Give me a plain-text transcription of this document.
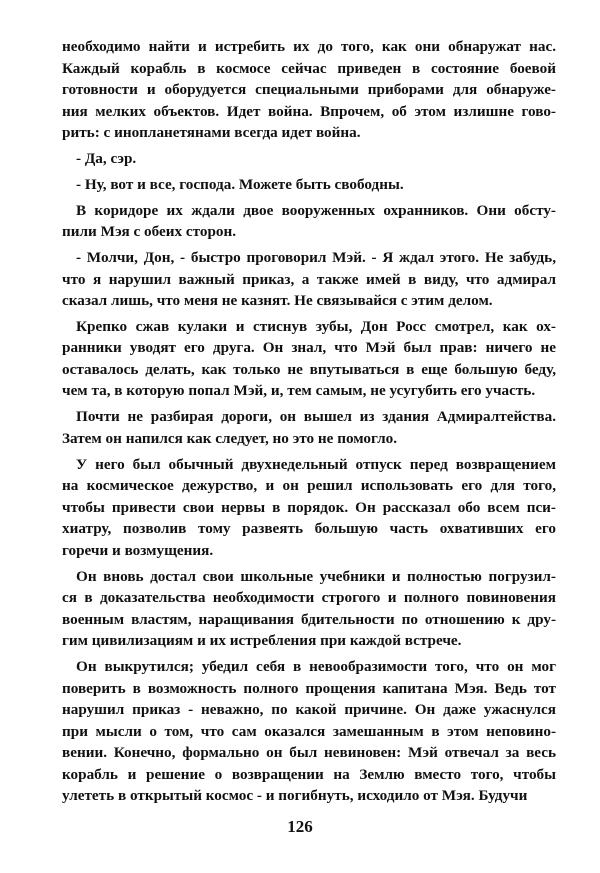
необходимо найти и истребить их до того, как они обнаружат нас.
Каждый корабль в космосе сейчас приведен в состояние боевой
готовности и оборудуется специальными приборами для обнаруже-
ния мелких объектов. Идет война. Впрочем, об этом излишне гово-
рить: с инопланетянами всегда идет война.
- Да, сэр.
- Ну, вот и все, господа. Можете быть свободны.
В коридоре их ждали двое вооруженных охранников. Они обсту-
пили Мэя с обеих сторон.
- Молчи, Дон, - быстро проговорил Мэй. - Я ждал этого. Не забудь,
что я нарушил важный приказ, а также имей в виду, что адмирал
сказал лишь, что меня не казнят. Не связывайся с этим делом.
Крепко сжав кулаки и стиснув зубы, Дон Росс смотрел, как ох-
ранники уводят его друга. Он знал, что Мэй был прав: ничего не
оставалось делать, как только не впутываться в еще большую беду,
чем та, в которую попал Мэй, и, тем самым, не усугубить его участь.
Почти не разбирая дороги, он вышел из здания Адмиралтейства.
Затем он напился как следует, но это не помогло.
У него был обычный двухнедельный отпуск перед возвращением
на космическое дежурство, и он решил использовать его для того,
чтобы привести свои нервы в порядок. Он рассказал обо всем пси-
хиатру, позволив тому развеять большую часть охвативших его
горечи и возмущения.
Он вновь достал свои школьные учебники и полностью погрузил-
ся в доказательства необходимости строгого и полного повиновения
военным властям, наращивания бдительности по отношению к дру-
гим цивилизациям и их истребления при каждой встрече.
Он выкрутился; убедил себя в невообразимости того, что он мог
поверить в возможность полного прощения капитана Мэя. Ведь тот
нарушил приказ - неважно, по какой причине. Он даже ужаснулся
при мысли о том, что сам оказался замешанным в этом неповино-
вении. Конечно, формально он был невиновен: Мэй отвечал за весь
корабль и решение о возвращении на Землю вместо того, чтобы
улететь в открытый космос - и погибнуть, исходило от Мэя. Будучи
126
